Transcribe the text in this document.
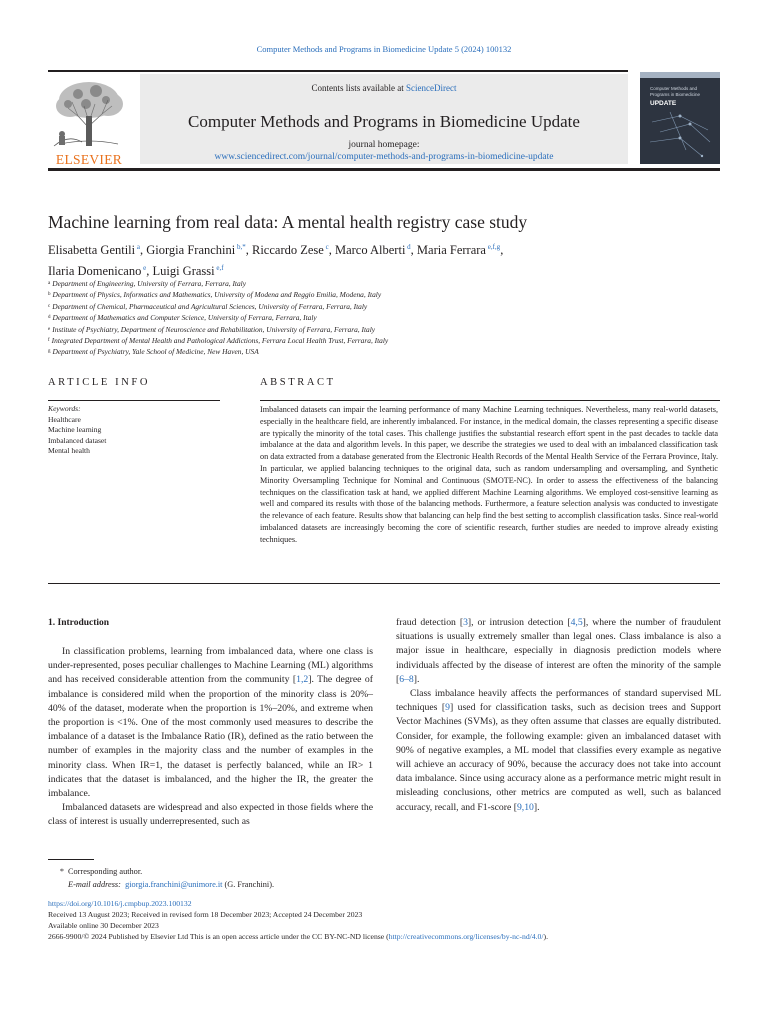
Computer Methods and Programs in Biomedicine Update 5 (2024) 100132
ELSEVIER
Contents lists available at ScienceDirect
Computer Methods and Programs in Biomedicine Update
journal homepage:
www.sciencedirect.com/journal/computer-methods-and-programs-in-biomedicine-update
Computer Methods and Programs in Biomedicine
UPDATE
Machine learning from real data: A mental health registry case study
Elisabetta Gentili $^a$, Giorgia Franchini $^{b,*}$, Riccardo Zese $^c$, Marco Alberti $^d$, Maria Ferrara $^{e,f,g}$,
Ilaria Domenicano $^e$, Luigi Grassi $^{e,f}$
$^a$ Department of Engineering, University of Ferrara, Ferrara, Italy
$^b$ Department of Physics, Informatics and Mathematics, University of Modena and Reggio Emilia, Modena, Italy
$^c$ Department of Chemical, Pharmaceutical and Agricultural Sciences, University of Ferrara, Ferrara, Italy
$^d$ Department of Mathematics and Computer Science, University of Ferrara, Ferrara, Italy
$^e$ Institute of Psychiatry, Department of Neuroscience and Rehabilitation, University of Ferrara, Ferrara, Italy
$^f$ Integrated Department of Mental Health and Pathological Addictions, Ferrara Local Health Trust, Ferrara, Italy
$^g$ Department of Psychiatry, Yale School of Medicine, New Haven, USA
ARTICLE INFO	ABSTRACT
Keywords:
Healthcare
Machine learning
Imbalanced dataset
Mental health
Imbalanced datasets can impair the learning performance of many Machine Learning techniques. Nevertheless, many real-world datasets, especially in the healthcare field, are inherently imbalanced. For instance, in the medical domain, the classes representing a specific disease are typically the minority of the total cases. This challenge justifies the substantial research effort spent in the past decades to tackle data imbalance at the data and algorithm levels. In this paper, we describe the strategies we used to deal with an imbalanced classification task on data extracted from a database generated from the Electronic Health Records of the Mental Health Service of the Ferrara Province, Italy. In particular, we applied balancing techniques to the original data, such as random undersampling and oversampling, and Synthetic Minority Oversampling Technique for Nominal and Continuous (SMOTE-NC). In order to assess the effectiveness of the balancing techniques on the classification task at hand, we applied different Machine Learning algorithms. We employed cost-sensitive learning as well and compared its results with those of the balancing methods. Furthermore, a feature selection analysis was conducted to investigate the relevance of each feature. Results show that balancing can help find the best setting to accomplish classification tasks. Since real-world imbalanced datasets are increasingly becoming the core of scientific research, further studies are needed to improve already existing techniques.
1. Introduction

In classification problems, learning from imbalanced data, where one class is under-represented, poses peculiar challenges to Machine Learning (ML) algorithms and has received considerable attention from the community [1,2]. The degree of imbalance is considered mild when the proportion of the minority class is 20%–40% of the dataset, moderate when the proportion is 1%–20%, and extreme when the proportion is <1%. One of the most commonly used measures to describe the imbalance of a dataset is the Imbalance Ratio (IR), defined as the ratio between the number of examples in the majority class and the number of examples in the minority class. When IR=1, the dataset is perfectly balanced, while an IR> 1 indicates that the dataset is imbalanced, and the higher the IR, the greater the imbalance.

Imbalanced datasets are widespread and also expected in those fields where the class of interest is usually underrepresented, such as

fraud detection [3], or intrusion detection [4,5], where the number of fraudulent situations is usually extremely smaller than legal ones. Class imbalance is also a major issue in healthcare, especially in diagnosis prediction models where individuals affected by the disease of interest are often the minority of the sample [6–8].

Class imbalance heavily affects the performances of standard supervised ML techniques [9] used for classification tasks, such as decision trees and Support Vector Machines (SVMs), as they often assume that classes are equally distributed. Consider, for example, the following example: given an imbalanced dataset with 90% of negative examples, a ML model that classifies every example as negative will achieve an accuracy of 90%, because the accuracy does not take into account data imbalance. Since using accuracy alone as a performance metric might result in misleading conclusions, other metrics are computed as well, such as balanced accuracy, recall, and F1-score [9,10].

* Corresponding author.
E-mail address: giorgia.franchini@unimore.it (G. Franchini).
https://doi.org/10.1016/j.cmpbup.2023.100132
Received 13 August 2023; Received in revised form 18 December 2023; Accepted 24 December 2023
Available online 30 December 2023
2666-9900/© 2024 Published by Elsevier Ltd This is an open access article under the CC BY-NC-ND license (http://creativecommons.org/licenses/by-nc-nd/4.0/).
